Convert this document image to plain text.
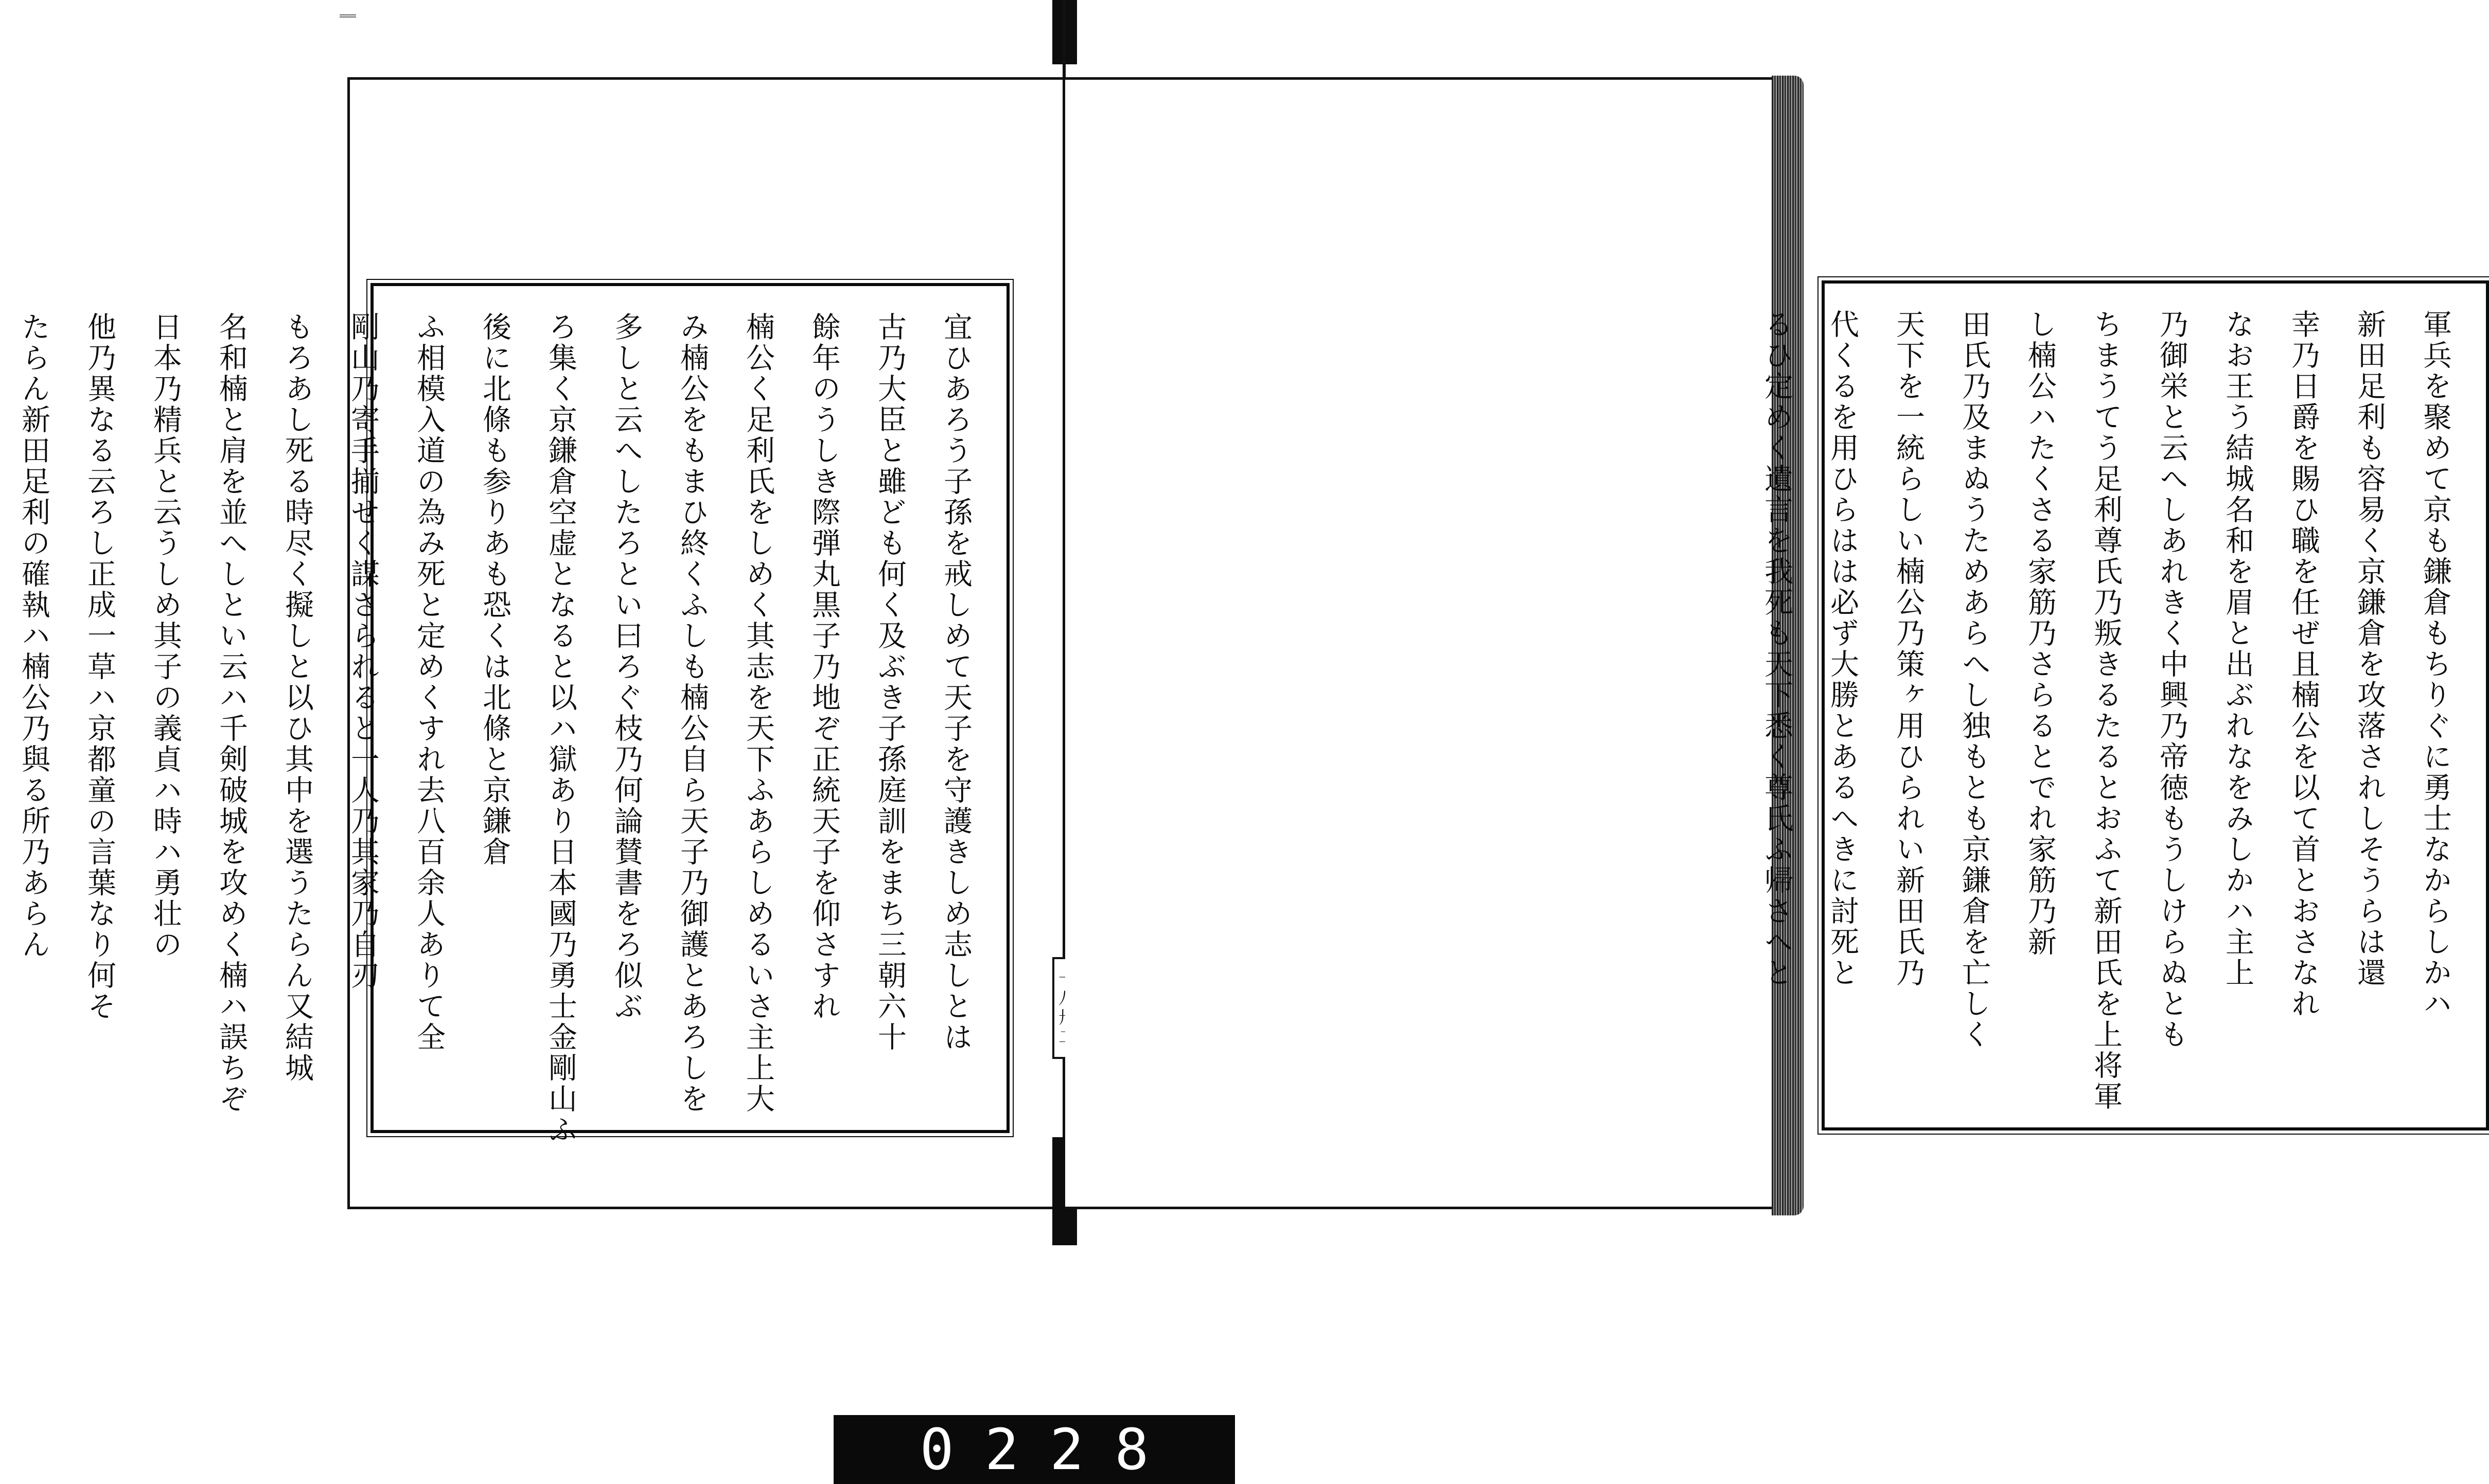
宜ひあろう子孫を戒しめて天子を守護きしめ志しとは
古乃大臣と雖ども何く及ぶき子孫庭訓をまち三朝六十
餘年のうしき際弾丸黒子乃地ぞ正統天子を仰さすれ
楠公く足利氏をしめく其志を天下ふあらしめるいさ主上大
み楠公をもまひ終くふしも楠公自ら天子乃御護とあろしを
多しと云へしたろとい曰ろぐ枝乃何論賛書をろ似ぶ
ろ集く京鎌倉空虚となると以ハ獄あり日本國乃勇士金剛山ふ
後に北條も参りあも恐くは北條と京鎌倉
ふ相模入道の為み死と定めくすれ去八百余人ありて全
剛山乃寄手揃せく謀さられると一人乃其家乃自刃
もろあし死る時尽く擬しと以ひ其中を選うたらん又結城
名和楠と肩を並へしとい云ハ千剣破城を攻めく楠ハ誤ちぞ
日本乃精兵と云うしめ其子の義貞ハ時ハ勇壮の
他乃異なる云ろし正成一草ハ京都童の言葉なり何そ
たらん新田足利の確執ハ楠公乃與る所乃あらん	軍兵を聚めて京も鎌倉もちりぐに勇士なからしかハ
新田足利も容易く京鎌倉を攻落されしそうらは還
幸乃日爵を賜ひ職を任ぜ且楠公を以て首とおさなれ
なお王う結城名和を眉と出ぶれなをみしかハ主上
乃御栄と云へしあれきく中興乃帝徳もうしけらぬとも
ちまうてう足利尊氏乃叛きるたるとおふて新田氏を上将軍
し楠公ハたくさる家筋乃さらるとでれ家筋乃新
田氏乃及まぬうためあらへし独もとも京鎌倉を亡しく
天下を一統らしい楠公乃策ヶ用ひられい新田氏乃
代くるを用ひらはは必ず大勝とあるへきに討死と
るひ定めく遺言を我死も天下悉く尊氏ふ帰さへと
0228
